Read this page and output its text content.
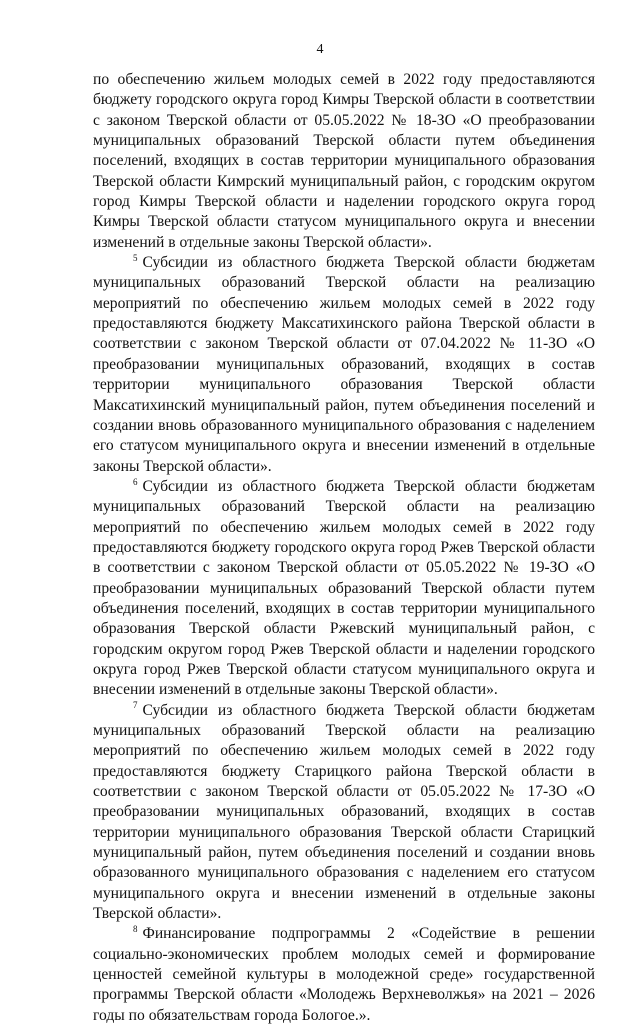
4

по обеспечению жильем молодых семей в 2022 году предоставляются бюджету городского округа город Кимры Тверской области в соответствии с законом Тверской области от 05.05.2022 № 18-ЗО «О преобразовании муниципальных образований Тверской области путем объединения поселений, входящих в состав территории муниципального образования Тверской области Кимрский муниципальный район, с городским округом город Кимры Тверской области и наделении городского округа город Кимры Тверской области статусом муниципального округа и внесении изменений в отдельные законы Тверской области».

$^5$ Субсидии из областного бюджета Тверской области бюджетам муниципальных образований Тверской области на реализацию мероприятий по обеспечению жильем молодых семей в 2022 году предоставляются бюджету Максатихинского района Тверской области в соответствии с законом Тверской области от 07.04.2022 № 11-ЗО «О преобразовании муниципальных образований, входящих в состав территории муниципального образования Тверской области Максатихинский муниципальный район, путем объединения поселений и создании вновь образованного муниципального образования с наделением его статусом муниципального округа и внесении изменений в отдельные законы Тверской области».

$^6$ Субсидии из областного бюджета Тверской области бюджетам муниципальных образований Тверской области на реализацию мероприятий по обеспечению жильем молодых семей в 2022 году предоставляются бюджету городского округа город Ржев Тверской области в соответствии с законом Тверской области от 05.05.2022 № 19-ЗО «О преобразовании муниципальных образований Тверской области путем объединения поселений, входящих в состав территории муниципального образования Тверской области Ржевский муниципальный район, с городским округом город Ржев Тверской области и наделении городского округа город Ржев Тверской области статусом муниципального округа и внесении изменений в отдельные законы Тверской области».

$^7$ Субсидии из областного бюджета Тверской области бюджетам муниципальных образований Тверской области на реализацию мероприятий по обеспечению жильем молодых семей в 2022 году предоставляются бюджету Старицкого района Тверской области в соответствии с законом Тверской области от 05.05.2022 № 17-ЗО «О преобразовании муниципальных образований, входящих в состав территории муниципального образования Тверской области Старицкий муниципальный район, путем объединения поселений и создании вновь образованного муниципального образования с наделением его статусом муниципального округа и внесении изменений в отдельные законы Тверской области».

$^8$ Финансирование подпрограммы 2 «Содействие в решении социально-экономических проблем молодых семей и формирование ценностей семейной культуры в молодежной среде» государственной программы Тверской области «Молодежь Верхневолжья» на 2021 – 2026 годы по обязательствам города Бологое.».
